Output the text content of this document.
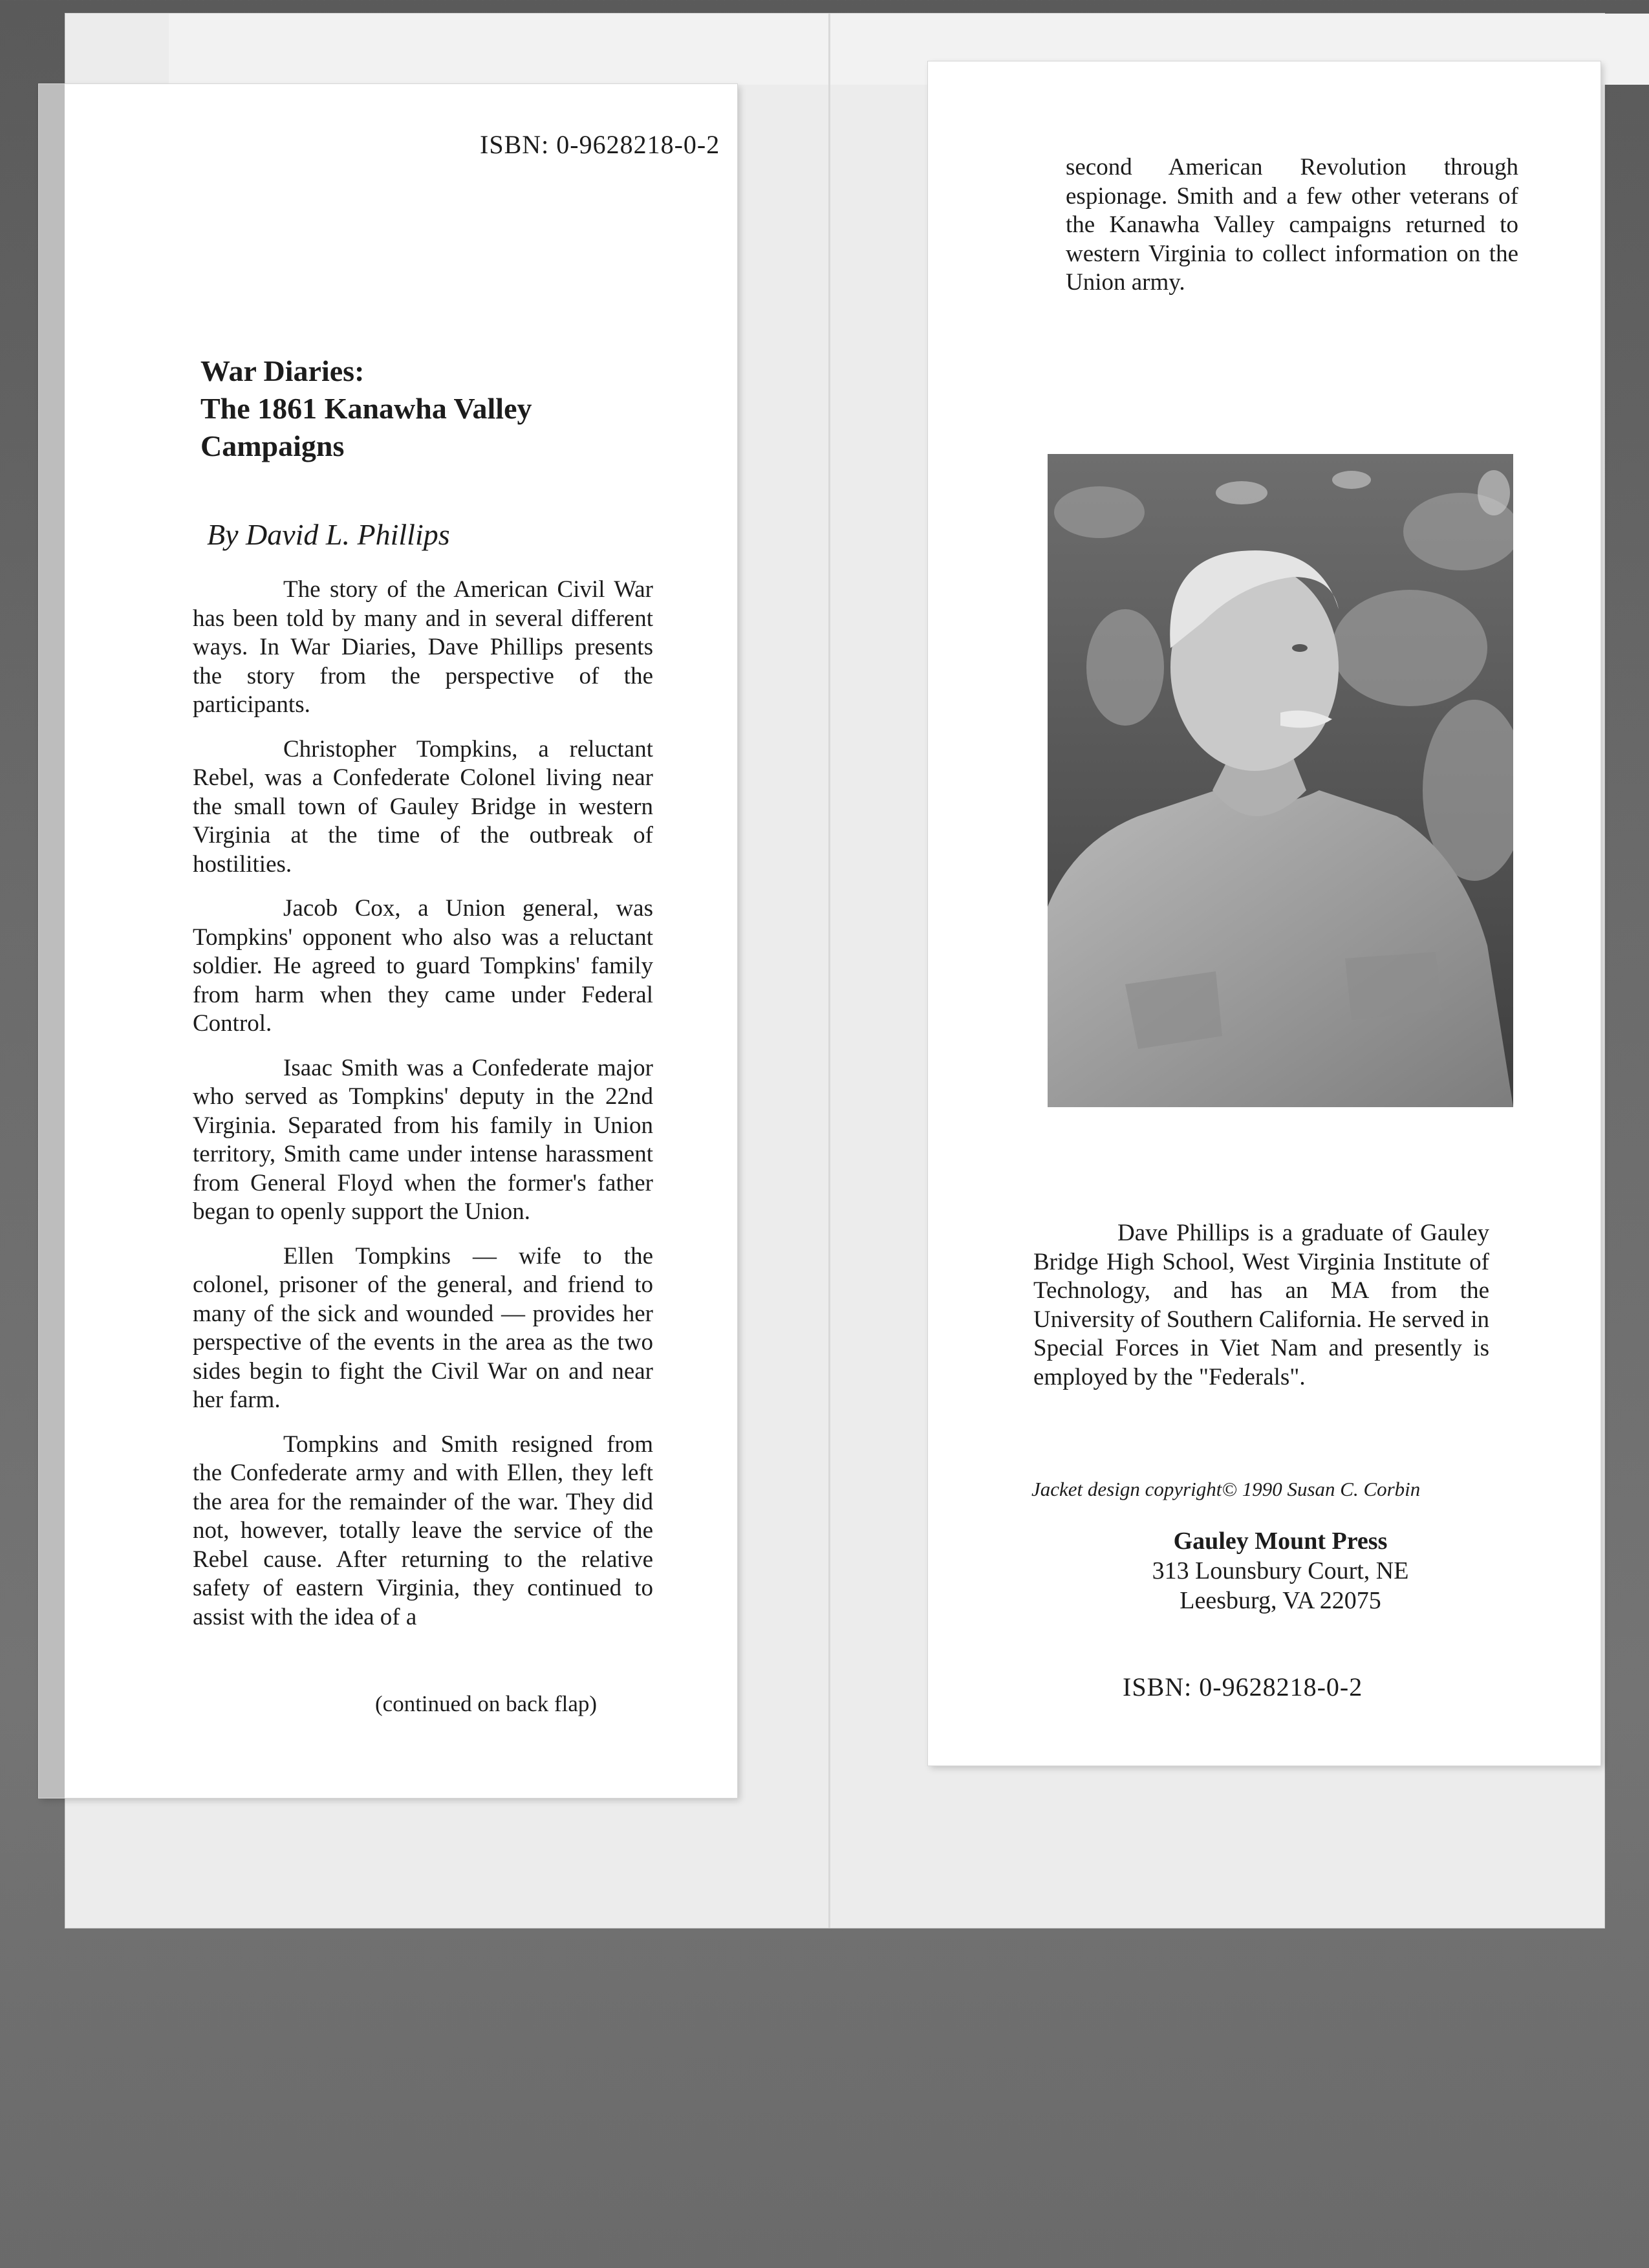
ISBN: 0-9628218-0-2
War Diaries:
The 1861 Kanawha Valley
Campaigns
By David L. Phillips

The story of the American Civil War has been told by many and in several different ways. In War Diaries, Dave Phillips presents the story from the perspective of the participants.

Christopher Tompkins, a reluctant Rebel, was a Confederate Colonel living near the small town of Gauley Bridge in western Virginia at the time of the outbreak of hostilities.

Jacob Cox, a Union general, was Tompkins' opponent who also was a reluctant soldier. He agreed to guard Tompkins' family from harm when they came under Federal Control.

Isaac Smith was a Confederate major who served as Tompkins' deputy in the 22nd Virginia. Separated from his family in Union territory, Smith came under intense harassment from General Floyd when the former's father began to openly support the Union.

Ellen Tompkins — wife to the colonel, prisoner of the general, and friend to many of the sick and wounded — provides her perspective of the events in the area as the two sides begin to fight the Civil War on and near her farm.

Tompkins and Smith resigned from the Confederate army and with Ellen, they left the area for the remainder of the war. They did not, however, totally leave the service of the Rebel cause. After returning to the relative safety of eastern Virginia, they continued to assist with the idea of a

(continued on back flap)
second American Revolution through espionage. Smith and a few other veterans of the Kanawha Valley campaigns returned to western Virginia to collect information on the Union army.

Dave Phillips is a graduate of Gauley Bridge High School, West Virginia Institute of Technology, and has an MA from the University of Southern California. He served in Special Forces in Viet Nam and presently is employed by the "Federals".

Jacket design copyright© 1990 Susan C. Corbin
Gauley Mount Press
313 Lounsbury Court, NE
Leesburg, VA 22075
ISBN: 0-9628218-0-2
